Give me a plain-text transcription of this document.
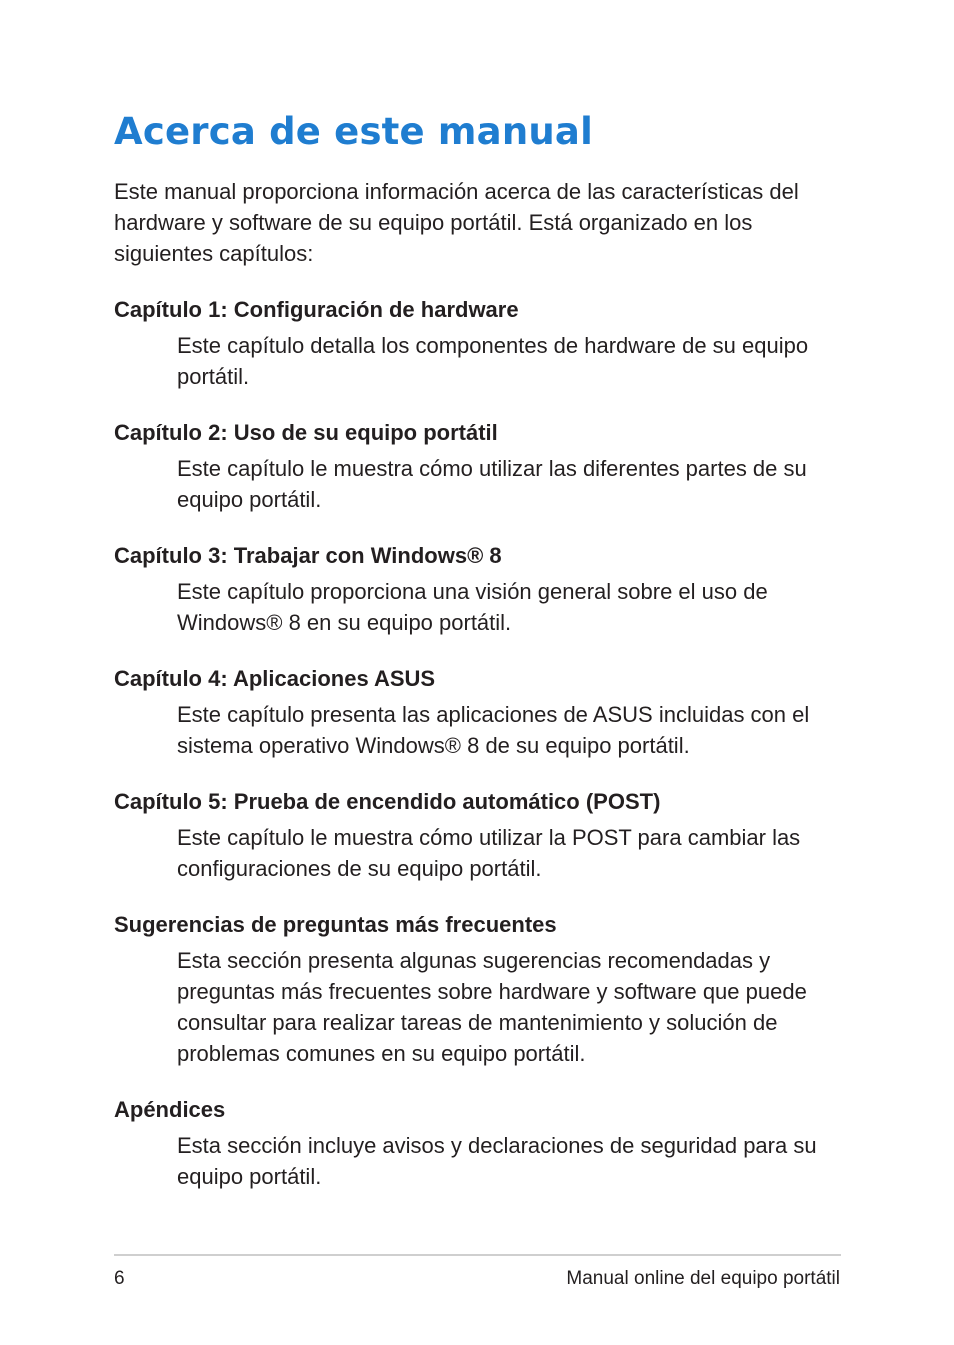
Acerca de este manual

Este manual proporciona información acerca de las características del hardware y software de su equipo portátil. Está organizado en los siguientes capítulos:

Capítulo 1: Configuración de hardware

Este capítulo detalla los componentes de hardware de su equipo portátil.

Capítulo 2: Uso de su equipo portátil

Este capítulo le muestra cómo utilizar las diferentes partes de su equipo portátil.

Capítulo 3: Trabajar con Windows® 8

Este capítulo proporciona una visión general sobre el uso de Windows® 8 en su equipo portátil.

Capítulo 4: Aplicaciones ASUS

Este capítulo presenta las aplicaciones de ASUS incluidas con el sistema operativo Windows® 8 de su equipo portátil.

Capítulo 5: Prueba de encendido automático (POST)

Este capítulo le muestra cómo utilizar la POST para cambiar las configuraciones de su equipo portátil.

Sugerencias de preguntas más frecuentes

Esta sección presenta algunas sugerencias recomendadas y preguntas más frecuentes sobre hardware y software que puede consultar para realizar tareas de mantenimiento y solución de problemas comunes en su equipo portátil.

Apéndices

Esta sección incluye avisos y declaraciones de seguridad para su equipo portátil.

6	Manual online del equipo portátil
